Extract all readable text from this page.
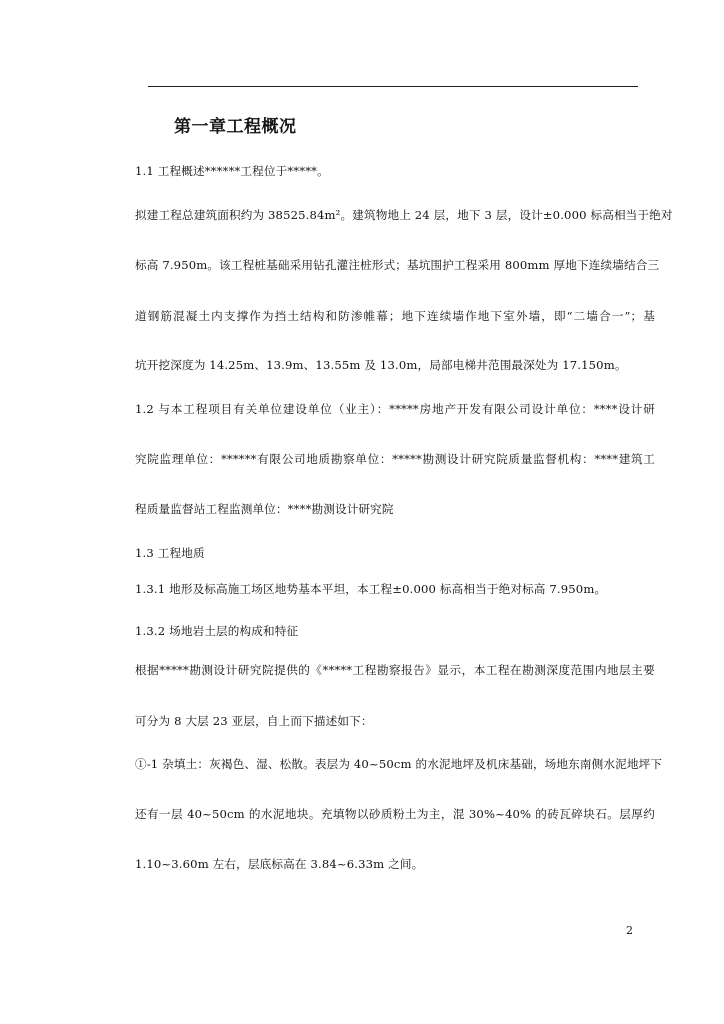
第一章工程概况
1.1 工程概述******工程位于*****。
拟建工程总建筑面积约为 38525.84m²。建筑物地上 24 层，地下 3 层，设计±0.000 标高相当于绝对
标高 7.950m。该工程桩基础采用钻孔灌注桩形式；基坑围护工程采用 800mm 厚地下连续墙结合三
道钢筋混凝土内支撑作为挡土结构和防渗帷幕；地下连续墙作地下室外墙，即“二墙合一”；基
坑开挖深度为 14.25m、13.9m、13.55m 及 13.0m，局部电梯井范围最深处为 17.150m。
1.2 与本工程项目有关单位建设单位（业主）：*****房地产开发有限公司设计单位：****设计研
究院监理单位：******有限公司地质勘察单位：*****勘测设计研究院质量监督机构：****建筑工
程质量监督站工程监测单位：****勘测设计研究院
1.3 工程地质
1.3.1 地形及标高施工场区地势基本平坦，本工程±0.000 标高相当于绝对标高 7.950m。
1.3.2 场地岩土层的构成和特征
根据*****勘测设计研究院提供的《*****工程勘察报告》显示，本工程在勘测深度范围内地层主要
可分为 8 大层 23 亚层，自上而下描述如下：
①-1 杂填土：灰褐色、湿、松散。表层为 40~50cm 的水泥地坪及机床基础，场地东南侧水泥地坪下
还有一层 40~50cm 的水泥地块。充填物以砂质粉土为主，混 30%~40% 的砖瓦碎块石。层厚约
1.10~3.60m 左右，层底标高在 3.84~6.33m 之间。
2
